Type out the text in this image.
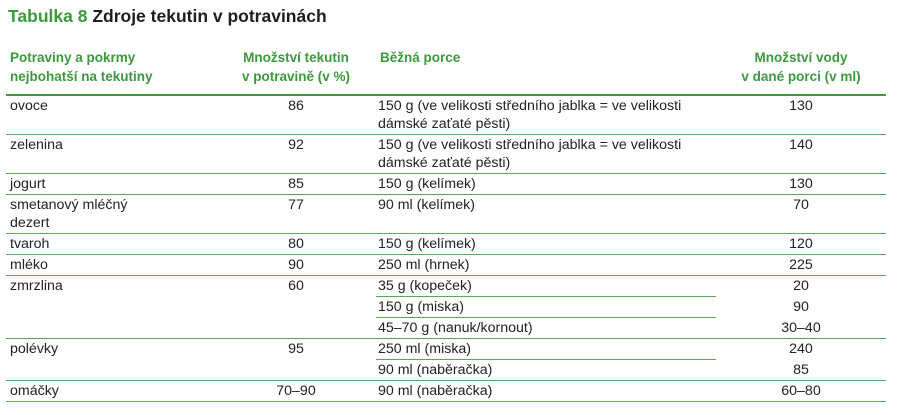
Tabulka 8 Zdroje tekutin v potravinách
Potraviny a pokrmy
nejbohatší na tekutiny	Množství tekutin
v potravině (v %)	Běžná porce	Množství vody
v dané porci (v ml)
ovoce	86	150 g (ve velikosti středního jablka = ve velikosti
dámské zaťaté pěsti)	130
zelenina	92	150 g (ve velikosti středního jablka = ve velikosti
dámské zaťaté pěsti)	140
jogurt	85	150 g (kelímek)	130
smetanový mléčný
dezert	77	90 ml (kelímek)	70
tvaroh	80	150 g (kelímek)	120
mléko	90	250 ml (hrnek)	225
zmrzlina	60	35 g (kopeček)	20
		150 g (miska)	90
		45–70 g (nanuk/kornout)	30–40
polévky	95	250 ml (miska)	240
		90 ml (naběračka)	85
omáčky	70–90	90 ml (naběračka)	60–80
